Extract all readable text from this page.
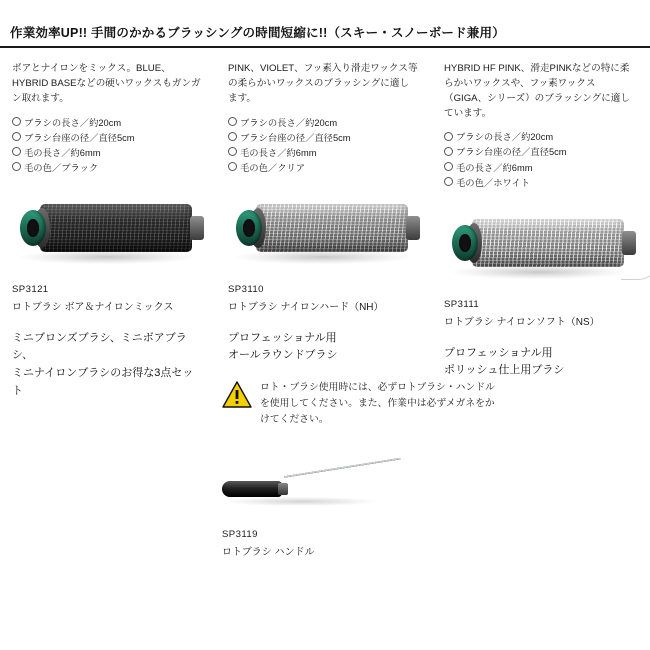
作業効率UP!! 手間のかかるブラッシングの時間短縮に!!（スキー・スノーボード兼用）
ボアとナイロンをミックス。BLUE、HYBRID BASEなどの硬いワックスもガンガン取れます。
ブラシの長さ／約20cm
ブラシ台座の径／直径5cm
毛の長さ／約6mm
毛の色／ブラック
SP3121
ロトブラシ ボア＆ナイロンミックス
ミニブロンズブラシ、ミニボアブラシ、
ミニナイロンブラシのお得な3点セット
PINK、VIOLET、フッ素入り滑走ワックス等の柔らかいワックスのブラッシングに適します。
ブラシの長さ／約20cm
ブラシ台座の径／直径5cm
毛の長さ／約6mm
毛の色／クリア
SP3110
ロトブラシ ナイロンハード（NH）
プロフェッショナル用
オールラウンドブラシ
HYBRID HF PINK、滑走PINKなどの特に柔らかいワックスや、フッ素ワックス（GIGA、シリーズ）のブラッシングに適しています。
ブラシの長さ／約20cm
ブラシ台座の径／直径5cm
毛の長さ／約6mm
毛の色／ホワイト
SP3111
ロトブラシ ナイロンソフト（NS）
プロフェッショナル用
ポリッシュ仕上用ブラシ
ロト・ブラシ使用時には、必ずロトブラシ・ハンドルを使用してください。また、作業中は必ずメガネをかけてください。
SP3119
ロトブラシ ハンドル
